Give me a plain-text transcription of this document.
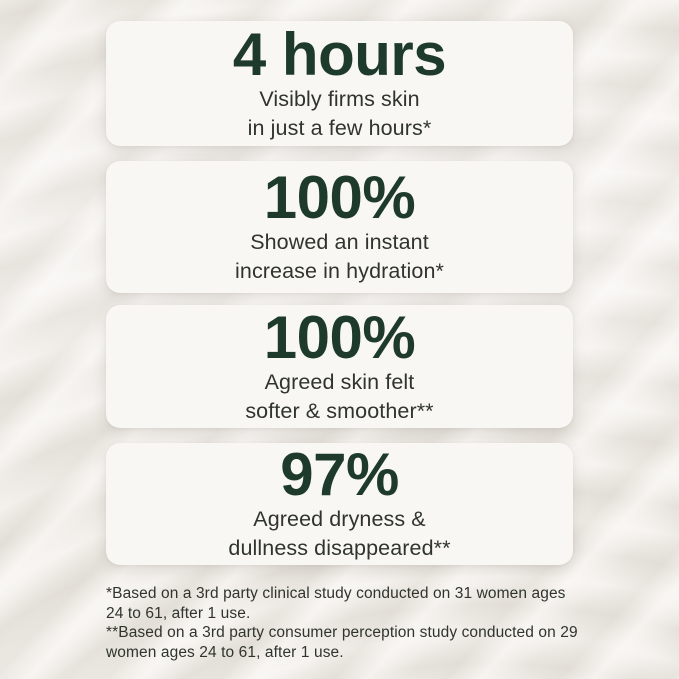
4 hours
Visibly firms skin
in just a few hours*
100%
Showed an instant
increase in hydration*
100%
Agreed skin felt
softer & smoother**
97%
Agreed dryness &
dullness disappeared**

*Based on a 3rd party clinical study conducted on 31 women ages 24 to 61, after 1 use.

**Based on a 3rd party consumer perception study conducted on 29 women ages 24 to 61, after 1 use.
